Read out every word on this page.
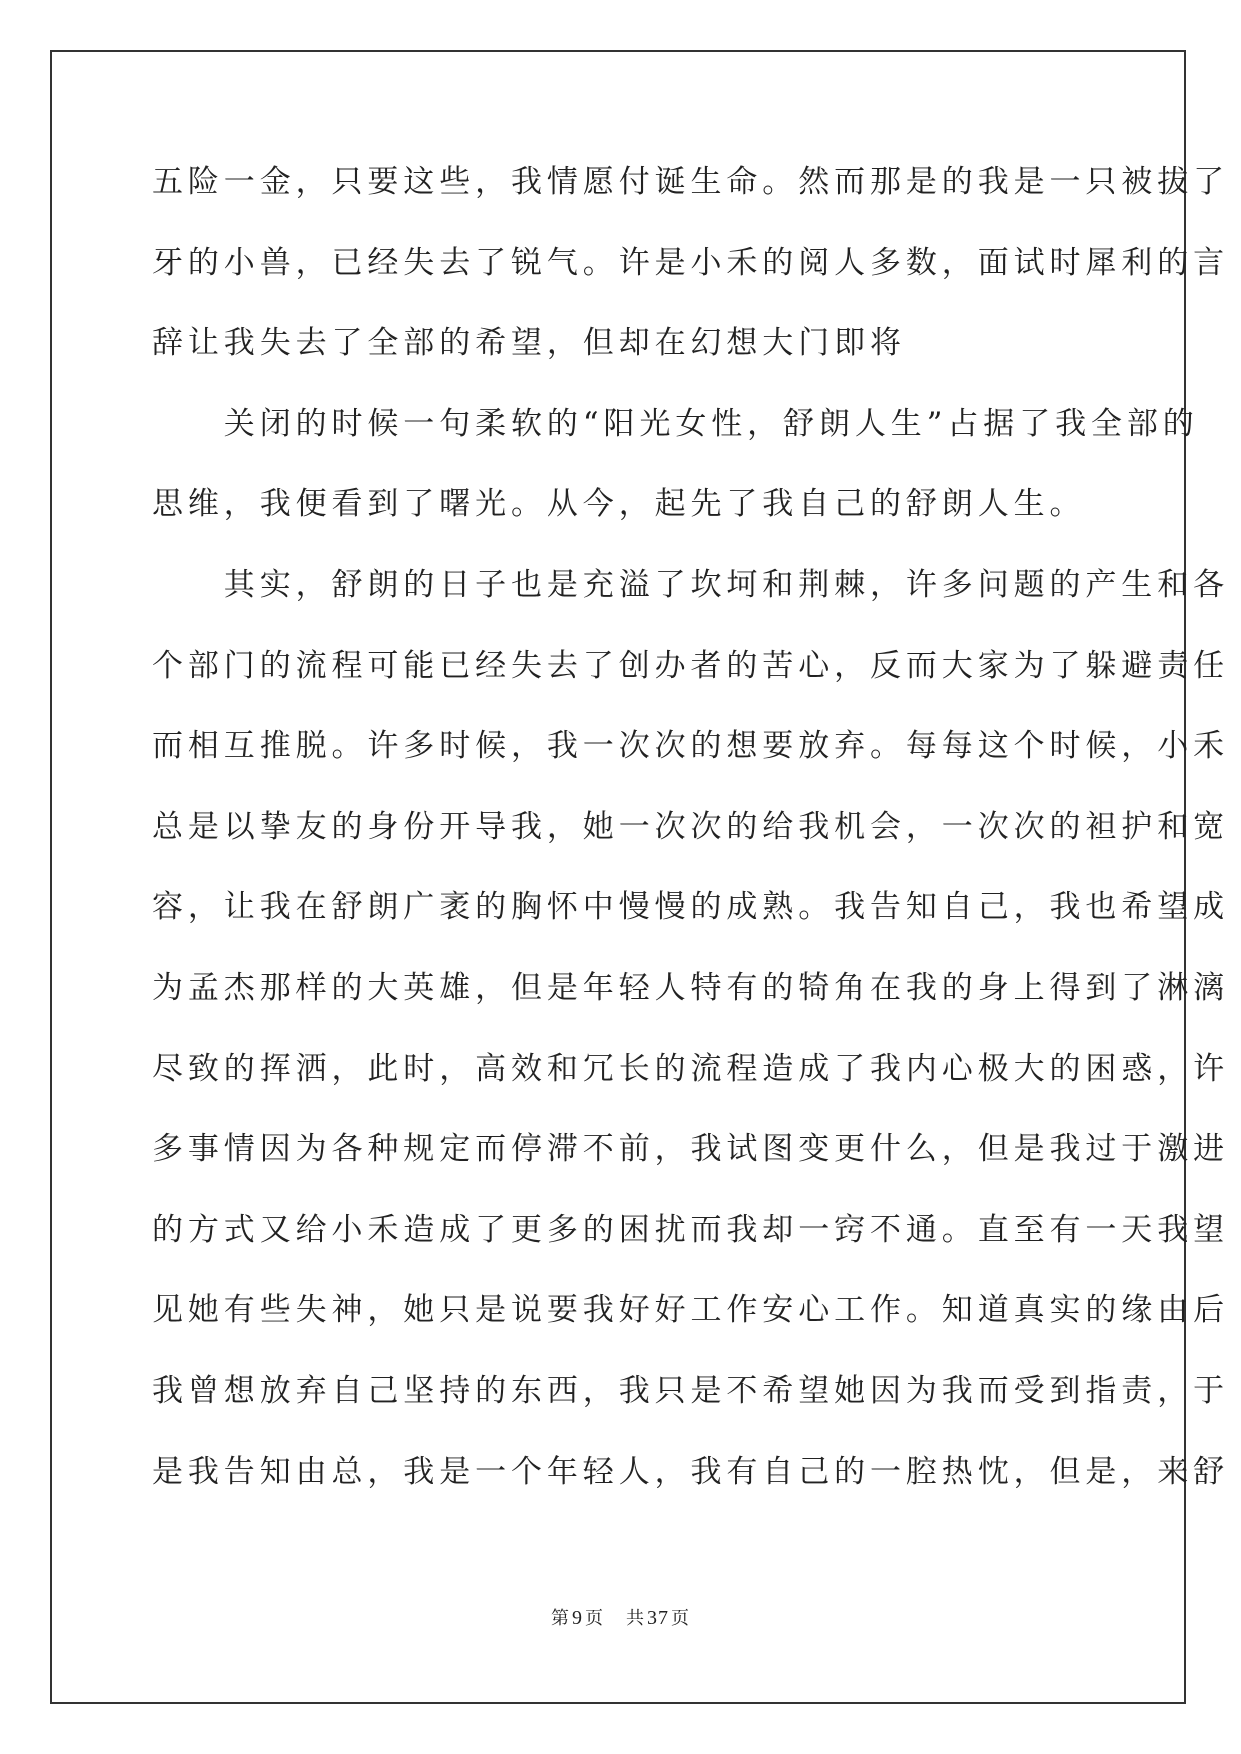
五险一金，只要这些，我情愿付诞生命。然而那是的我是一只被拔了
牙的小兽，已经失去了锐气。许是小禾的阅人多数，面试时犀利的言
辞让我失去了全部的希望，但却在幻想大门即将
　　关闭的时候一句柔软的“阳光女性，舒朗人生”占据了我全部的
思维，我便看到了曙光。从今，起先了我自己的舒朗人生。
　　其实，舒朗的日子也是充溢了坎坷和荆棘，许多问题的产生和各
个部门的流程可能已经失去了创办者的苦心，反而大家为了躲避责任
而相互推脱。许多时候，我一次次的想要放弃。每每这个时候，小禾
总是以挚友的身份开导我，她一次次的给我机会，一次次的袒护和宽
容，让我在舒朗广袤的胸怀中慢慢的成熟。我告知自己，我也希望成
为孟杰那样的大英雄，但是年轻人特有的犄角在我的身上得到了淋漓
尽致的挥洒，此时，高效和冗长的流程造成了我内心极大的困惑，许
多事情因为各种规定而停滞不前，我试图变更什么，但是我过于激进
的方式又给小禾造成了更多的困扰而我却一窍不通。直至有一天我望
见她有些失神，她只是说要我好好工作安心工作。知道真实的缘由后
我曾想放弃自己坚持的东西，我只是不希望她因为我而受到指责，于
是我告知由总，我是一个年轻人，我有自己的一腔热忱，但是，来舒
第 9 页 共 37 页
